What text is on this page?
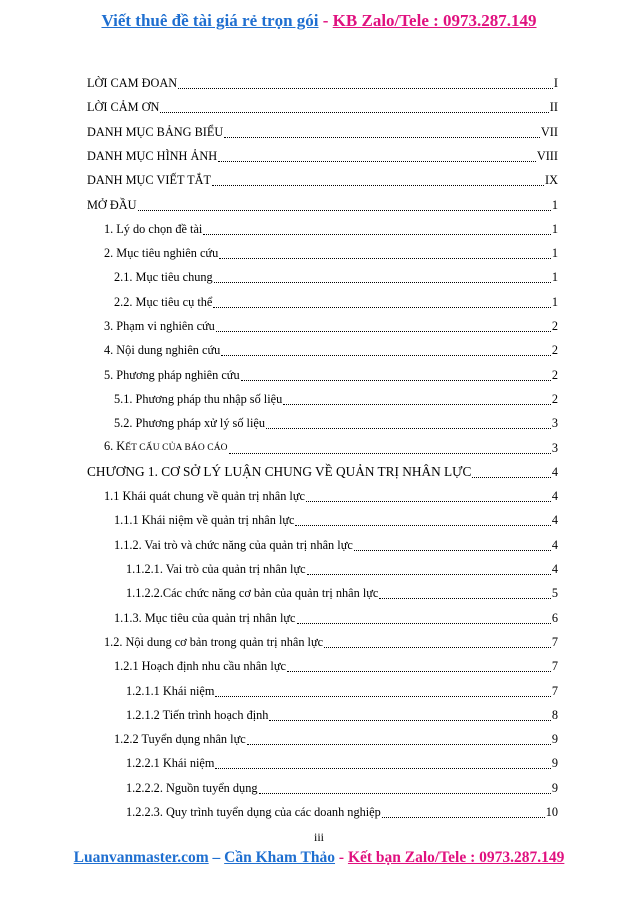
Viết thuê đề tài giá rẻ trọn gói - KB Zalo/Tele : 0973.287.149
LỜI CAM ĐOAN	I
LỜI CẢM ƠN	II
DANH MỤC BẢNG BIỂU	VII
DANH MỤC HÌNH ẢNH	VIII
DANH MỤC VIẾT TẮT	IX
MỞ ĐẦU	1
1. Lý do chọn đề tài	1
2. Mục tiêu nghiên cứu	1
2.1. Mục tiêu chung	1
2.2. Mục tiêu cụ thể	1
3. Phạm vi nghiên cứu	2
4. Nội dung nghiên cứu	2
5. Phương pháp nghiên cứu	2
5.1. Phương pháp thu nhập số liệu	2
5.2. Phương pháp xử lý số liệu	3
6. KẾT CẤU CỦA BÁO CÁO	3
CHƯƠNG 1. CƠ SỞ LÝ LUẬN CHUNG VỀ QUẢN TRỊ NHÂN LỰC	4
1.1 Khái quát chung về quản trị nhân lực	4
1.1.1 Khái niệm về quản trị nhân lực	4
1.1.2. Vai trò và chức năng của quản trị nhân lực	4
1.1.2.1. Vai trò của quản trị nhân lực	4
1.1.2.2.Các chức năng cơ bản của quản trị nhân lực	5
1.1.3. Mục tiêu của quản trị nhân lực	6
1.2. Nội dung cơ bản trong quản trị nhân lực	7
1.2.1 Hoạch định nhu cầu nhân lực	7
1.2.1.1 Khái niệm	7
1.2.1.2 Tiến trình hoạch định	8
1.2.2 Tuyển dụng nhân lực	9
1.2.2.1 Khái niệm	9
1.2.2.2. Nguồn tuyển dụng	9
1.2.2.3. Quy trình tuyển dụng của các doanh nghiệp	10
iii
Luanvanmaster.com – Cần Kham Thảo - Kết bạn Zalo/Tele : 0973.287.149
